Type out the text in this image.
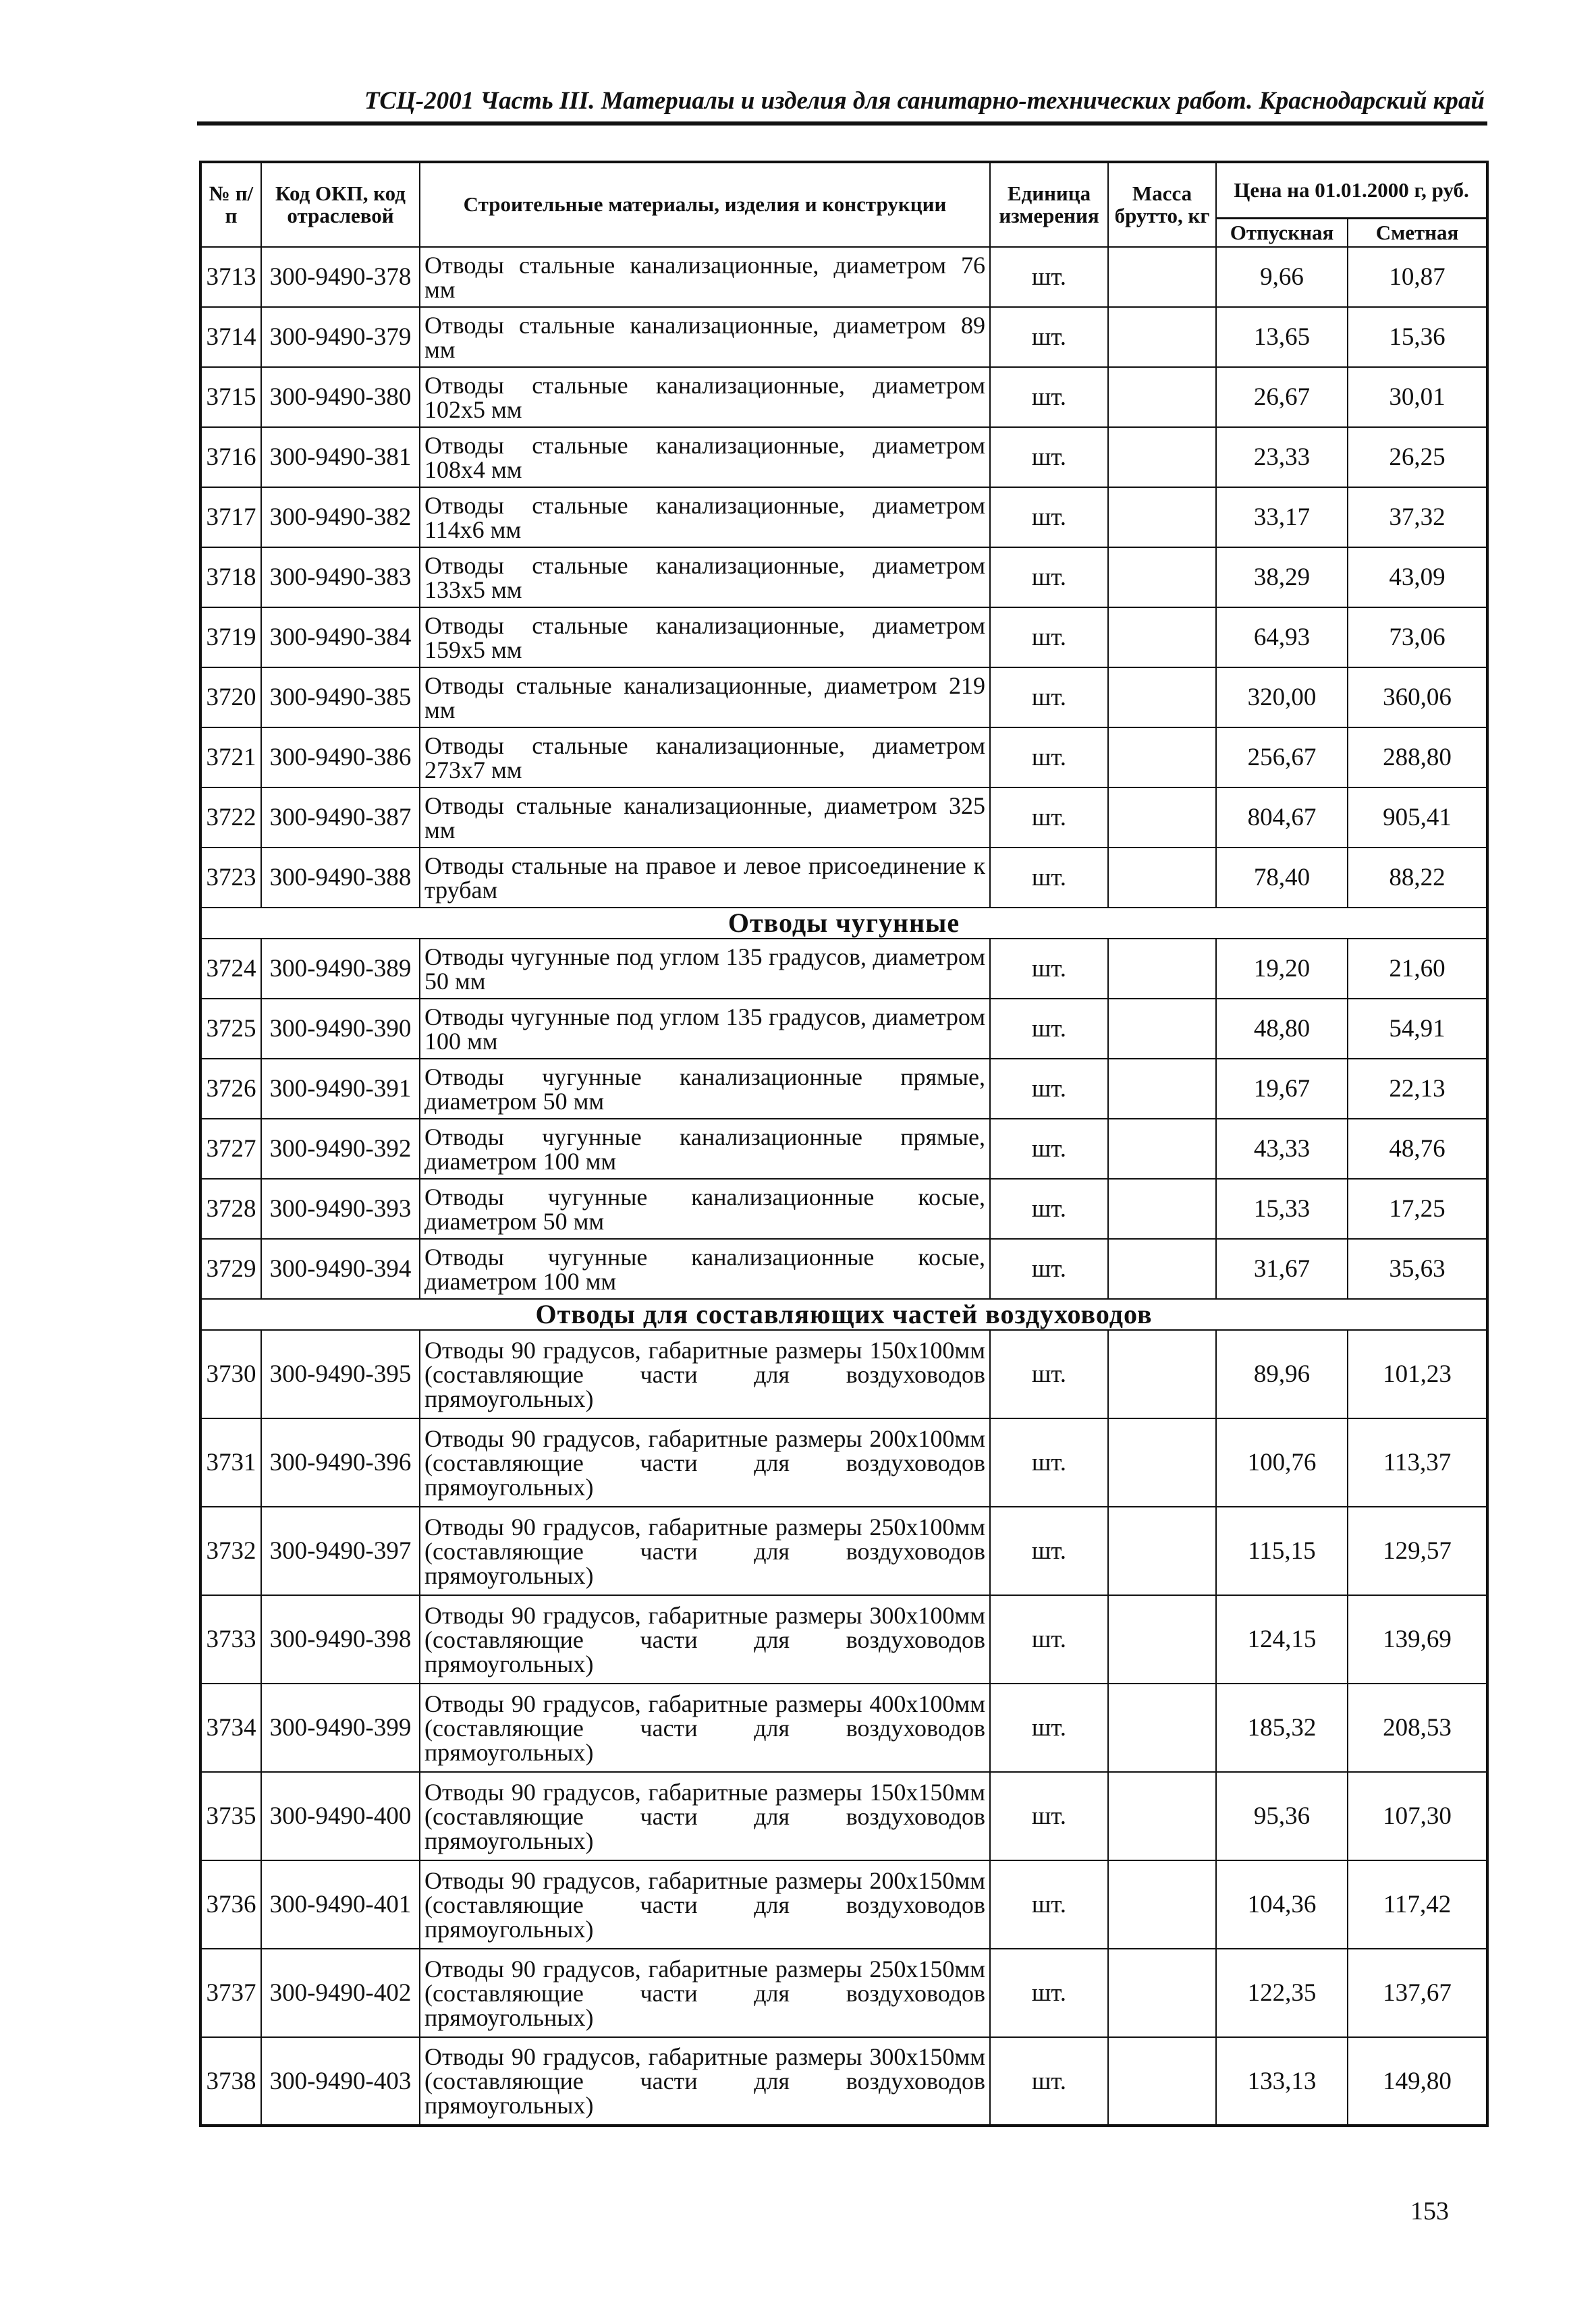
ТСЦ-2001 Часть III. Материалы и изделия для санитарно-технических работ. Краснодарский край
№ п/п	Код ОКП, код отраслевой	Строительные материалы, изделия и конструкции	Единица измерения	Масса брутто, кг	Цена на 01.01.2000 г, руб.	
					Отпускная	Сметная
3713	300-9490-378	Отводы стальные канализационные, диаметром 76 мм	шт.		9,66	10,87
3714	300-9490-379	Отводы стальные канализационные, диаметром 89 мм	шт.		13,65	15,36
3715	300-9490-380	Отводы стальные канализационные, диаметром 102х5 мм	шт.		26,67	30,01
3716	300-9490-381	Отводы стальные канализационные, диаметром 108х4 мм	шт.		23,33	26,25
3717	300-9490-382	Отводы стальные канализационные, диаметром 114х6 мм	шт.		33,17	37,32
3718	300-9490-383	Отводы стальные канализационные, диаметром 133х5 мм	шт.		38,29	43,09
3719	300-9490-384	Отводы стальные канализационные, диаметром 159х5 мм	шт.		64,93	73,06
3720	300-9490-385	Отводы стальные канализационные, диаметром 219 мм	шт.		320,00	360,06
3721	300-9490-386	Отводы стальные канализационные, диаметром 273х7 мм	шт.		256,67	288,80
3722	300-9490-387	Отводы стальные канализационные, диаметром 325 мм	шт.		804,67	905,41
3723	300-9490-388	Отводы стальные на правое и левое присоединение к трубам	шт.		78,40	88,22
Отводы чугунные						
3724	300-9490-389	Отводы чугунные под углом 135 градусов, диаметром 50 мм	шт.		19,20	21,60
3725	300-9490-390	Отводы чугунные под углом 135 градусов, диаметром 100 мм	шт.		48,80	54,91
3726	300-9490-391	Отводы чугунные канализационные прямые, диаметром 50 мм	шт.		19,67	22,13
3727	300-9490-392	Отводы чугунные канализационные прямые, диаметром 100 мм	шт.		43,33	48,76
3728	300-9490-393	Отводы чугунные канализационные косые, диаметром 50 мм	шт.		15,33	17,25
3729	300-9490-394	Отводы чугунные канализационные косые, диаметром 100 мм	шт.		31,67	35,63
Отводы для составляющих частей воздуховодов						
3730	300-9490-395	Отводы 90 градусов, габаритные размеры 150х100мм (составляющие части для воздуховодов прямоугольных)	шт.		89,96	101,23
3731	300-9490-396	Отводы 90 градусов, габаритные размеры 200х100мм (составляющие части для воздуховодов прямоугольных)	шт.		100,76	113,37
3732	300-9490-397	Отводы 90 градусов, габаритные размеры 250х100мм (составляющие части для воздуховодов прямоугольных)	шт.		115,15	129,57
3733	300-9490-398	Отводы 90 градусов, габаритные размеры 300х100мм (составляющие части для воздуховодов прямоугольных)	шт.		124,15	139,69
3734	300-9490-399	Отводы 90 градусов, габаритные размеры 400х100мм (составляющие части для воздуховодов прямоугольных)	шт.		185,32	208,53
3735	300-9490-400	Отводы 90 градусов, габаритные размеры 150х150мм (составляющие части для воздуховодов прямоугольных)	шт.		95,36	107,30
3736	300-9490-401	Отводы 90 градусов, габаритные размеры 200х150мм (составляющие части для воздуховодов прямоугольных)	шт.		104,36	117,42
3737	300-9490-402	Отводы 90 градусов, габаритные размеры 250х150мм (составляющие части для воздуховодов прямоугольных)	шт.		122,35	137,67
3738	300-9490-403	Отводы 90 градусов, габаритные размеры 300х150мм (составляющие части для воздуховодов прямоугольных)	шт.		133,13	149,80
153
